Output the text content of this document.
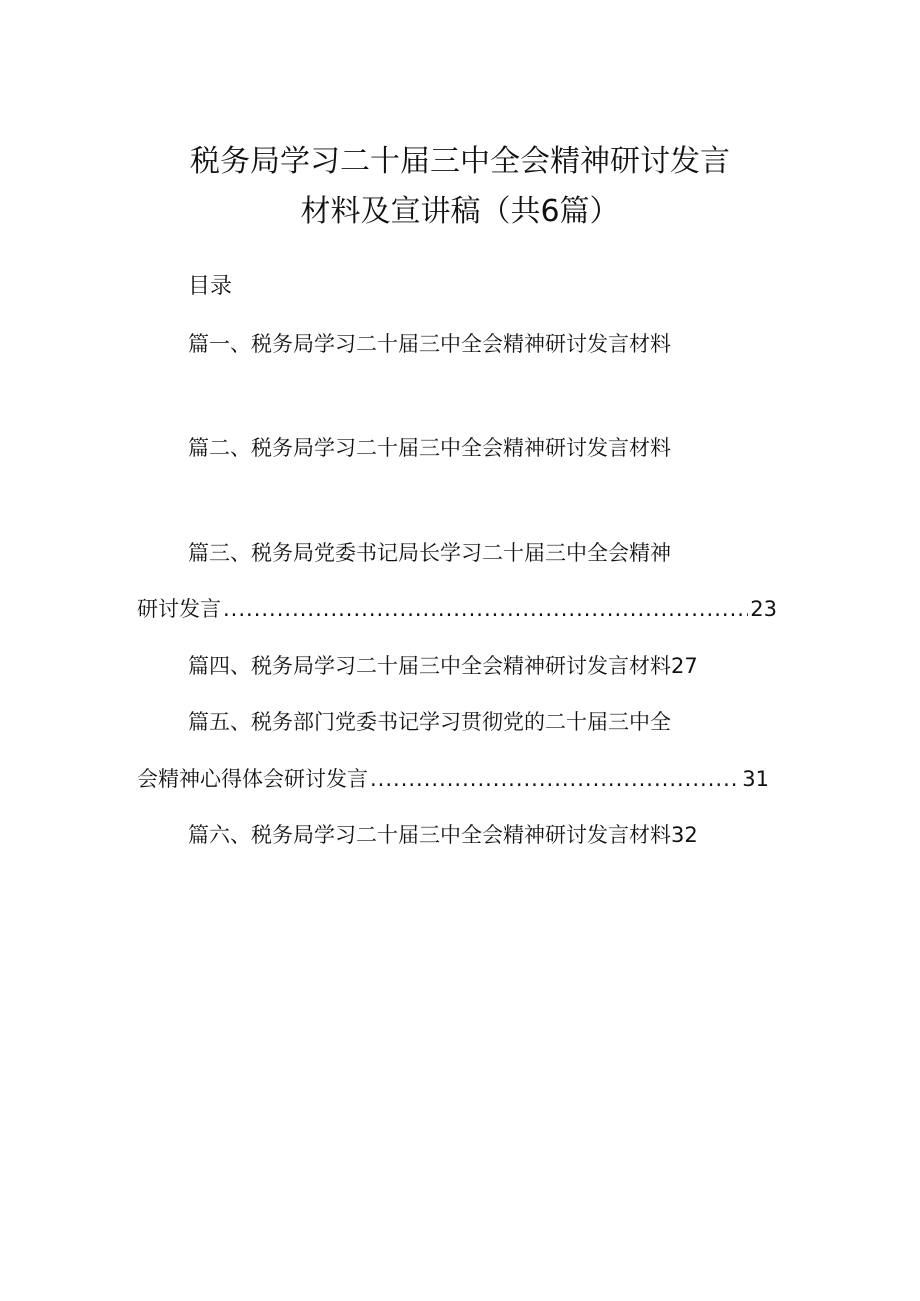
税务局学习二十届三中全会精神研讨发言
材料及宣讲稿（共6篇）
目录
篇一、税务局学习二十届三中全会精神研讨发言材料
篇二、税务局学习二十届三中全会精神研讨发言材料
篇三、税务局党委书记局长学习二十届三中全会精神
研讨发言 .....	23
篇四、税务局学习二十届三中全会精神研讨发言材料27
篇五、税务部门党委书记学习贯彻党的二十届三中全
会精神心得体会研讨发言 .....	31
篇六、税务局学习二十届三中全会精神研讨发言材料32
